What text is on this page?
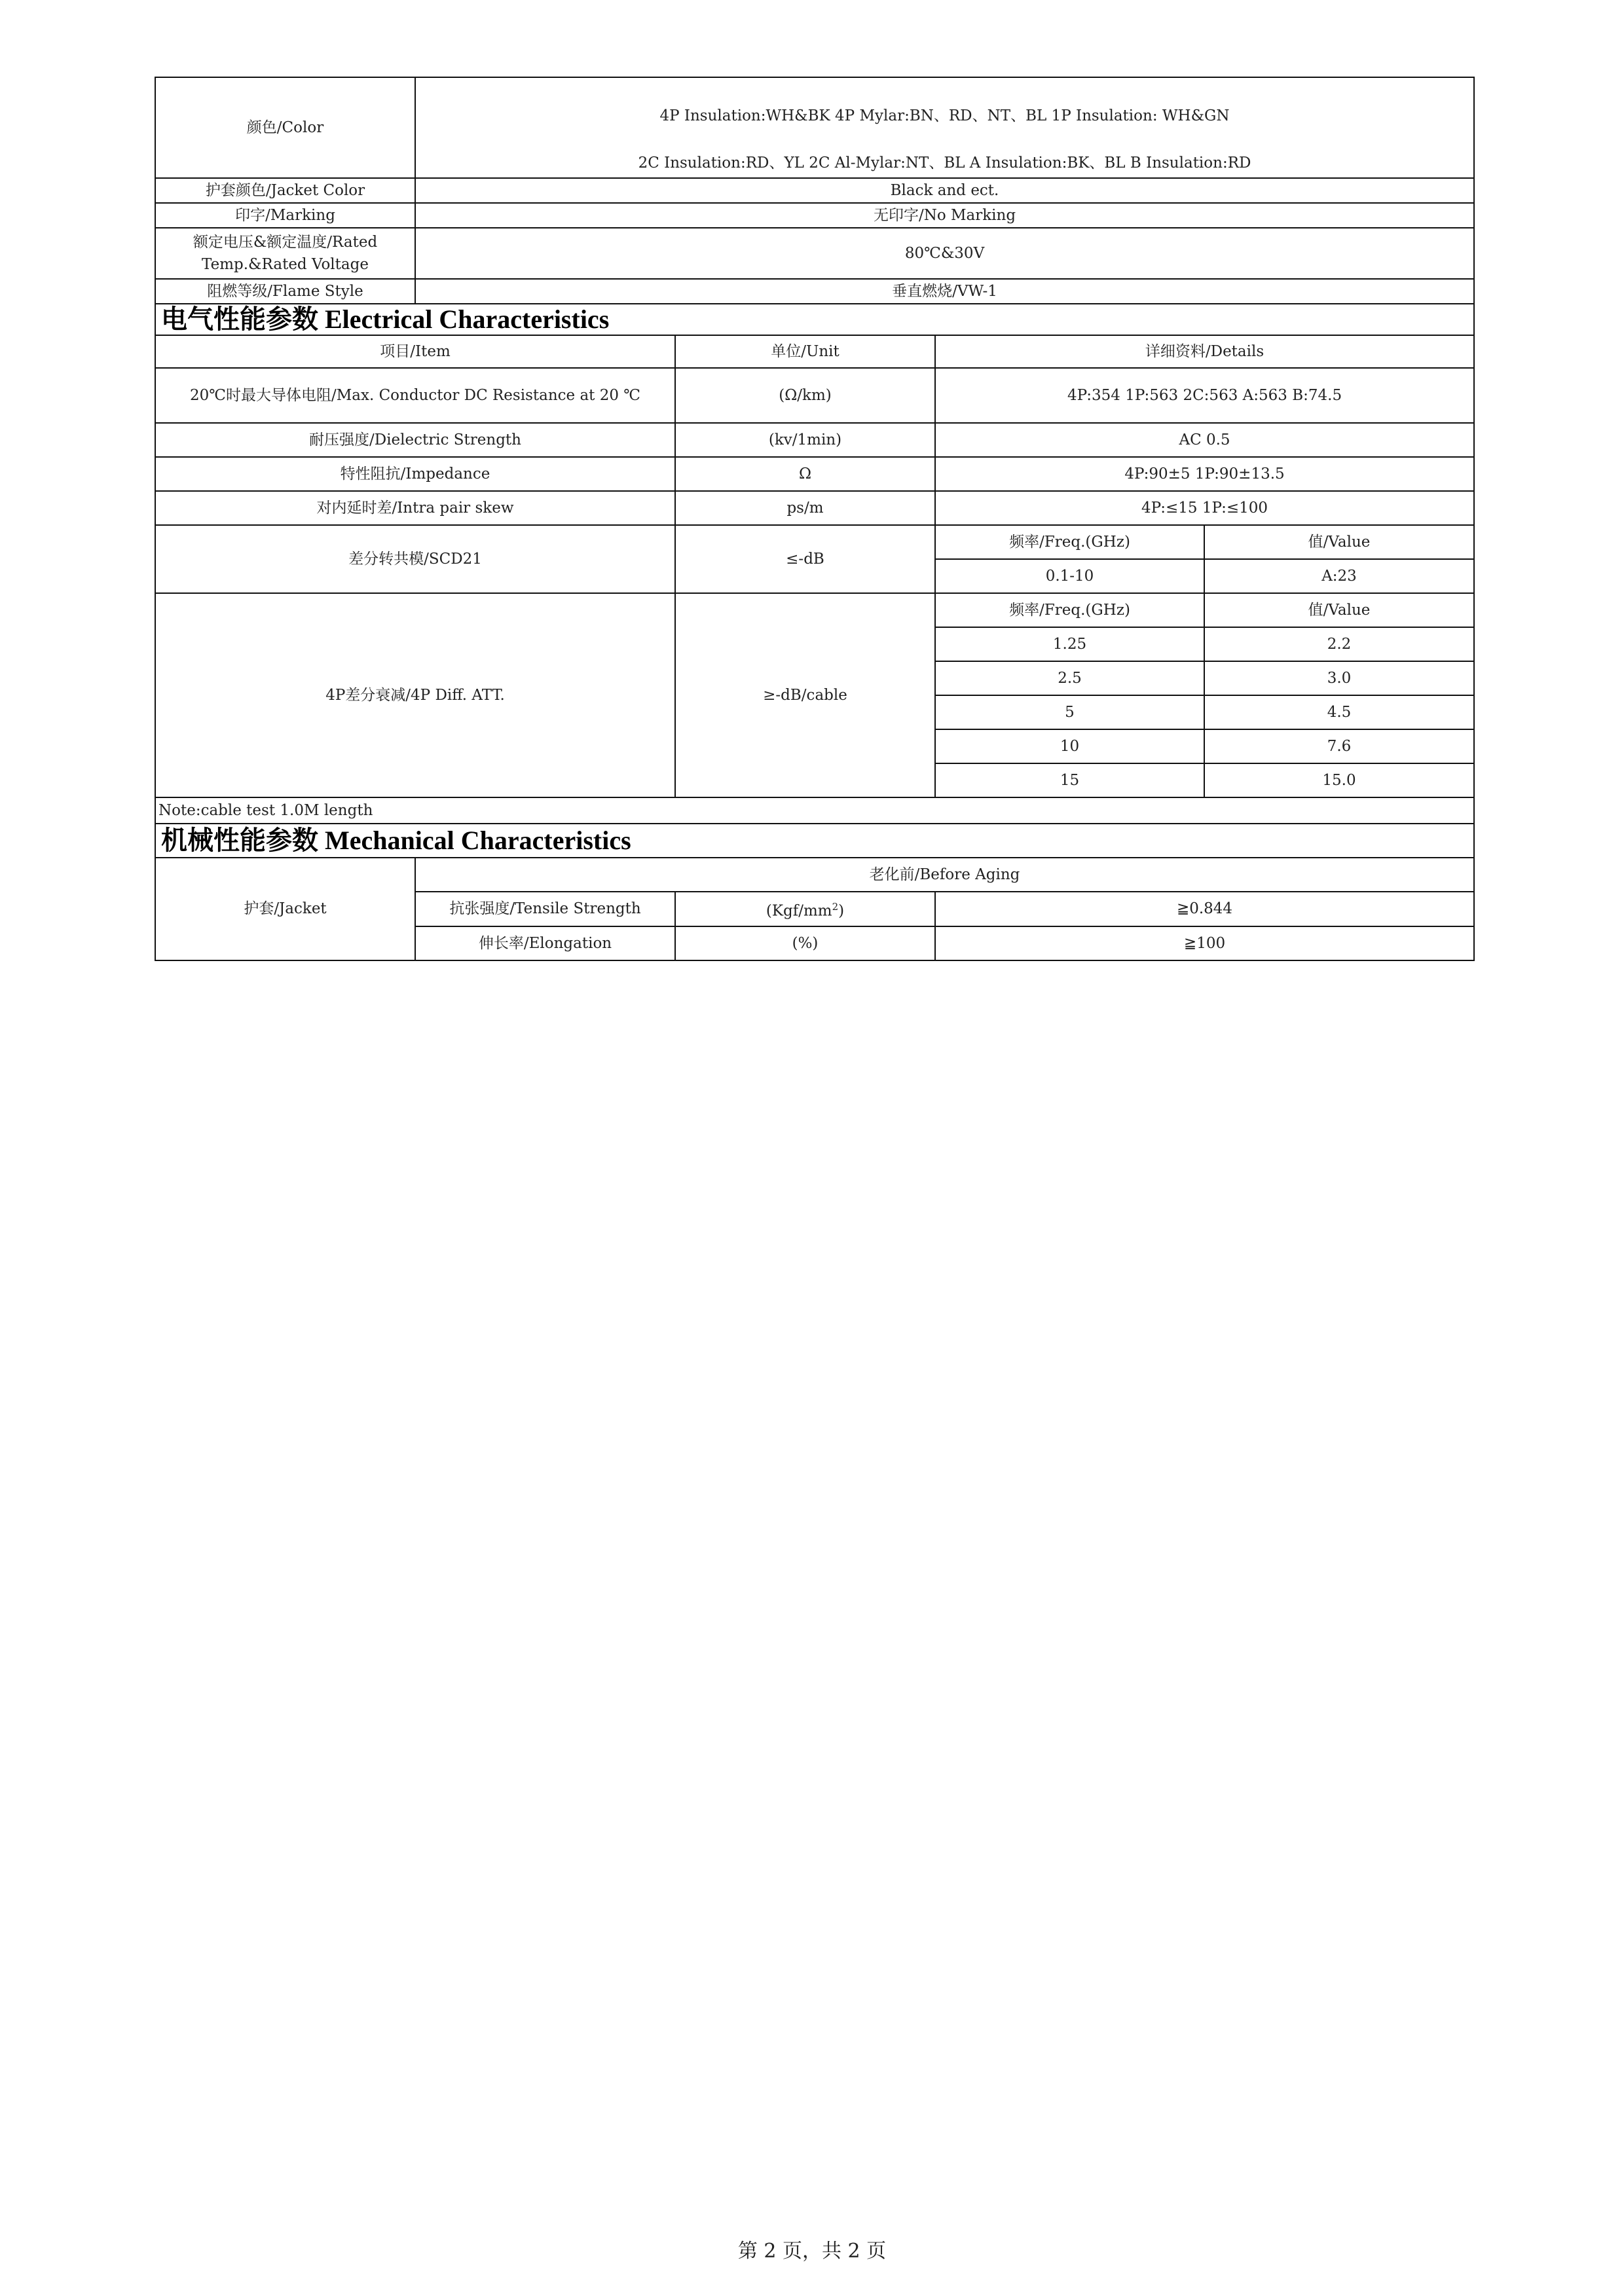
颜色/Color	4P Insulation:WH&BK 4P Mylar:BN、RD、NT、BL 1P Insulation: WH&GN

2C Insulation:RD、YL 2C Al-Mylar:NT、BL A Insulation:BK、BL B Insulation:RD			

护套颜色/Jacket Color	Black and ect.			
印字/Marking	无印字/No Marking			
额定电压&额定温度/Rated Temp.&Rated Voltage	80℃&30V			
阻燃等级/Flame Style	垂直燃烧/VW-1			
电气性能参数 Electrical Characteristics				
项目/Item		单位/Unit	详细资料/Details	
20℃时最大导体电阻/Max. Conductor DC Resistance at 20 ℃		(Ω/km)	4P:354 1P:563 2C:563 A:563 B:74.5	
耐压强度/Dielectric Strength		(kv/1min)	AC 0.5	
特性阻抗/Impedance		Ω	4P:90±5 1P:90±13.5	
对内延时差/Intra pair skew		ps/m	4P:≤15 1P:≤100	
差分转共模/SCD21		≤-dB	频率/Freq.(GHz)	值/Value
			0.1-10	A:23
4P差分衰减/4P Diff. ATT.		≥-dB/cable	频率/Freq.(GHz)	值/Value
			1.25	2.2
			2.5	3.0
			5	4.5
			10	7.6
			15	15.0
Note:cable test 1.0M length				
机械性能参数 Mechanical Characteristics				
护套/Jacket	老化前/Before Aging			
	抗张强度/Tensile Strength	$(Kgf/mm^2)$	≧0.844	
	伸长率/Elongation	(%)	≧100	
第 2 页，共 2 页
